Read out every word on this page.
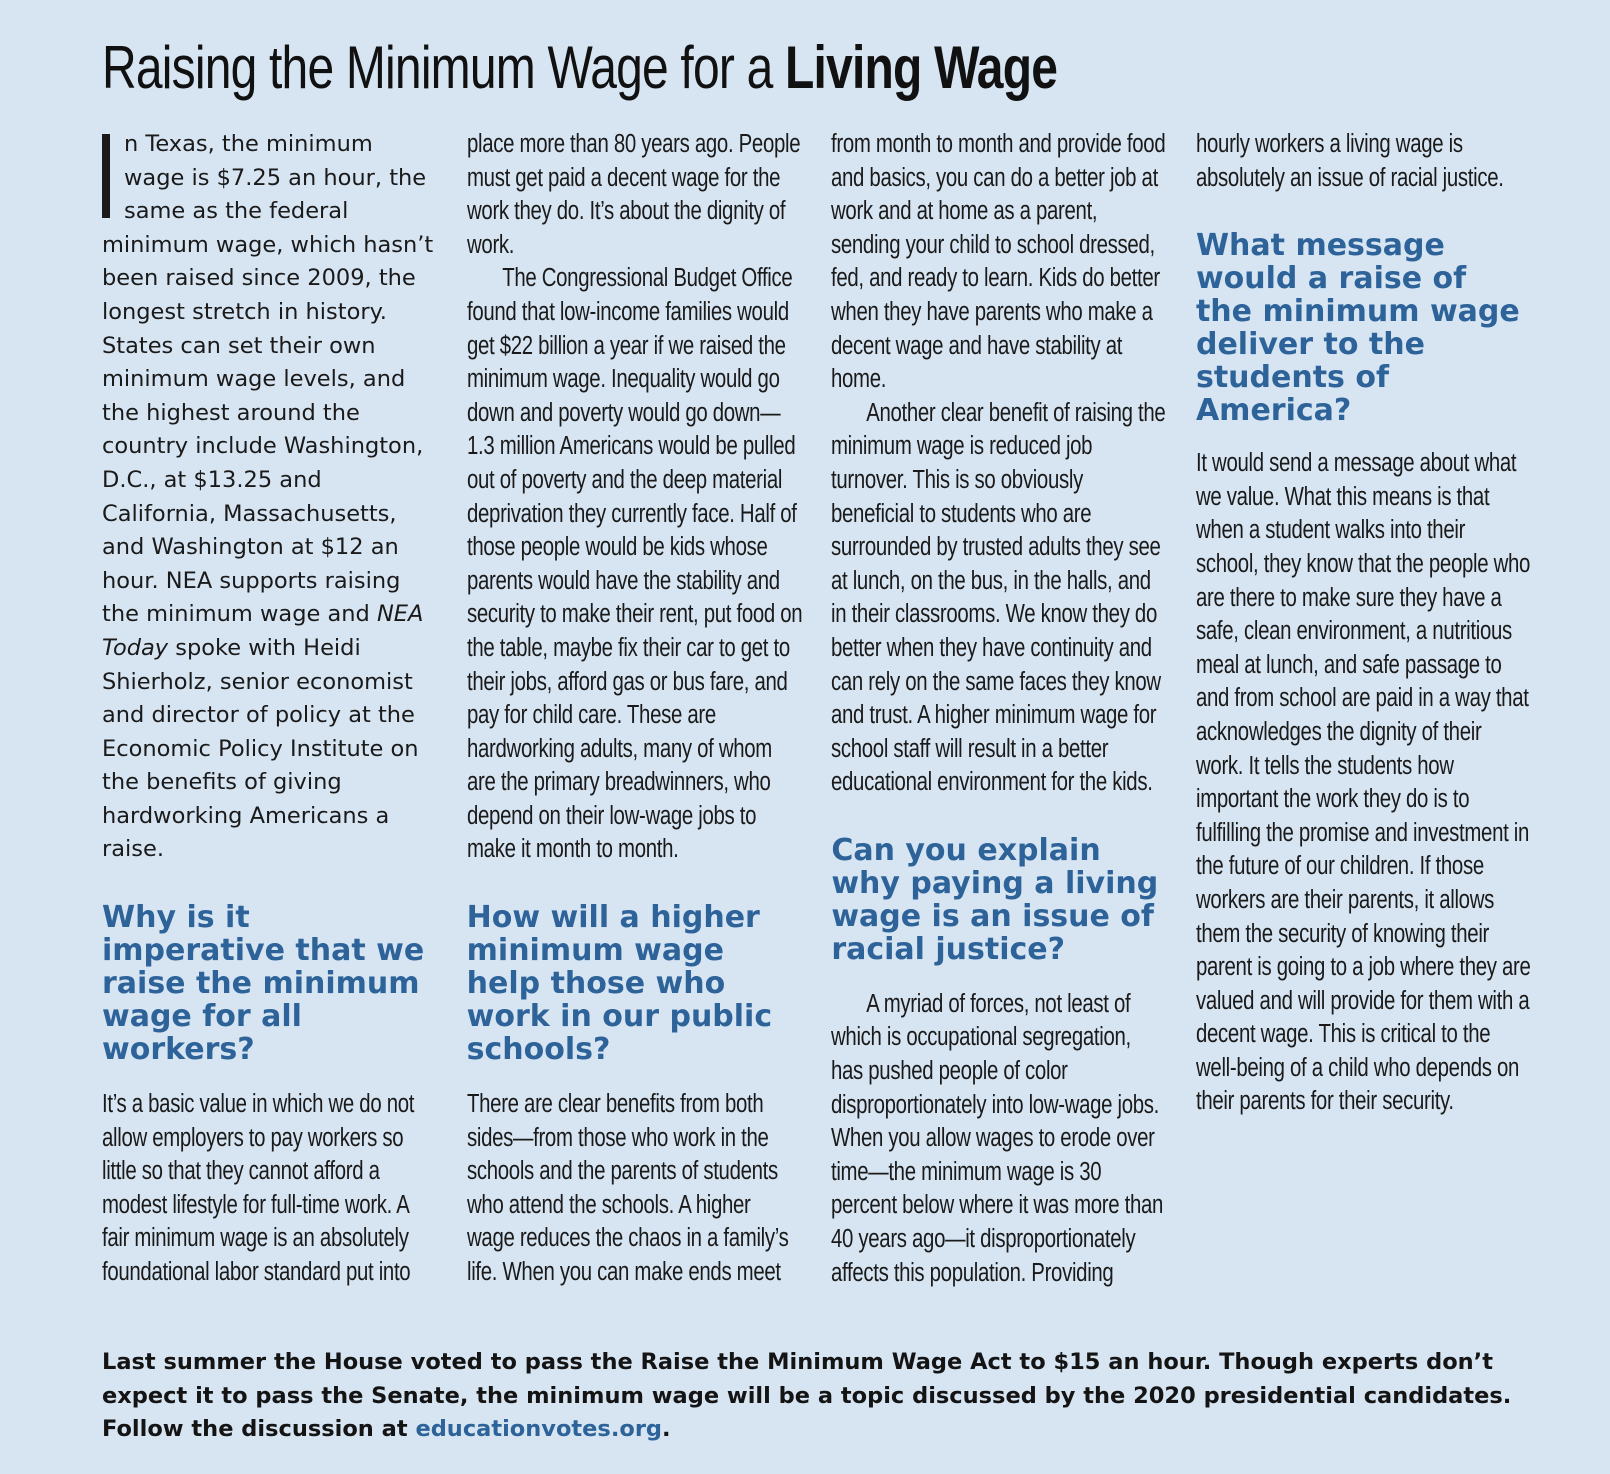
Raising the Minimum Wage for a Living Wage

n Texas, the minimum wage is $7.25 an hour, the same as the federal minimum wage, which hasn’t been raised since 2009, the longest stretch in history. States can set their own minimum wage levels, and the highest around the country include Washington, D.C., at $13.25 and California, Massachusetts, and Washington at $12 an hour. NEA supports raising the minimum wage and NEA Today spoke with Heidi Shierholz, senior economist and director of policy at the Economic Policy Institute on the benefits of giving hardworking Americans a raise.

Why is it imperative that we raise the minimum wage for all workers?

It’s a basic value in which we do not allow employers to pay workers so little so that they cannot afford a modest lifestyle for full-time work. A fair minimum wage is an absolutely foundational labor standard put into

place more than 80 years ago. People must get paid a decent wage for the work they do. It’s about the dignity of work.

The Congressional Budget Office found that low-income families would get $22 billion a year if we raised the minimum wage. Inequality would go down and poverty would go down—1.3 million Americans would be pulled out of poverty and the deep material deprivation they currently face. Half of those people would be kids whose parents would have the stability and security to make their rent, put food on the table, maybe fix their car to get to their jobs, afford gas or bus fare, and pay for child care. These are hardworking adults, many of whom are the primary breadwinners, who depend on their low-wage jobs to make it month to month.

How will a higher minimum wage help those who work in our public schools?

There are clear benefits from both sides—from those who work in the schools and the parents of students who attend the schools. A higher wage reduces the chaos in a family’s life. When you can make ends meet

from month to month and provide food and basics, you can do a better job at work and at home as a parent, sending your child to school dressed, fed, and ready to learn. Kids do better when they have parents who make a decent wage and have stability at home.

Another clear benefit of raising the minimum wage is reduced job turnover. This is so obviously beneficial to students who are surrounded by trusted adults they see at lunch, on the bus, in the halls, and in their classrooms. We know they do better when they have continuity and can rely on the same faces they know and trust. A higher minimum wage for school staff will result in a better educational environment for the kids.

Can you explain why paying a living wage is an issue of racial justice?

A myriad of forces, not least of which is occupational segregation, has pushed people of color disproportionately into low-wage jobs. When you allow wages to erode over time—the minimum wage is 30 percent below where it was more than 40 years ago—it disproportionately affects this population. Providing

hourly workers a living wage is absolutely an issue of racial justice.

What message would a raise of the minimum wage deliver to the students of America?

It would send a message about what we value. What this means is that when a student walks into their school, they know that the people who are there to make sure they have a safe, clean environment, a nutritious meal at lunch, and safe passage to and from school are paid in a way that acknowledges the dignity of their work. It tells the students how important the work they do is to fulfilling the promise and investment in the future of our children. If those workers are their parents, it allows them the security of knowing their parent is going to a job where they are valued and will provide for them with a decent wage. This is critical to the well-being of a child who depends on their parents for their security.

Last summer the House voted to pass the Raise the Minimum Wage Act to $15 an hour. Though experts don’t expect it to pass the Senate, the minimum wage will be a topic discussed by the 2020 presidential candidates. Follow the discussion at educationvotes.org.
